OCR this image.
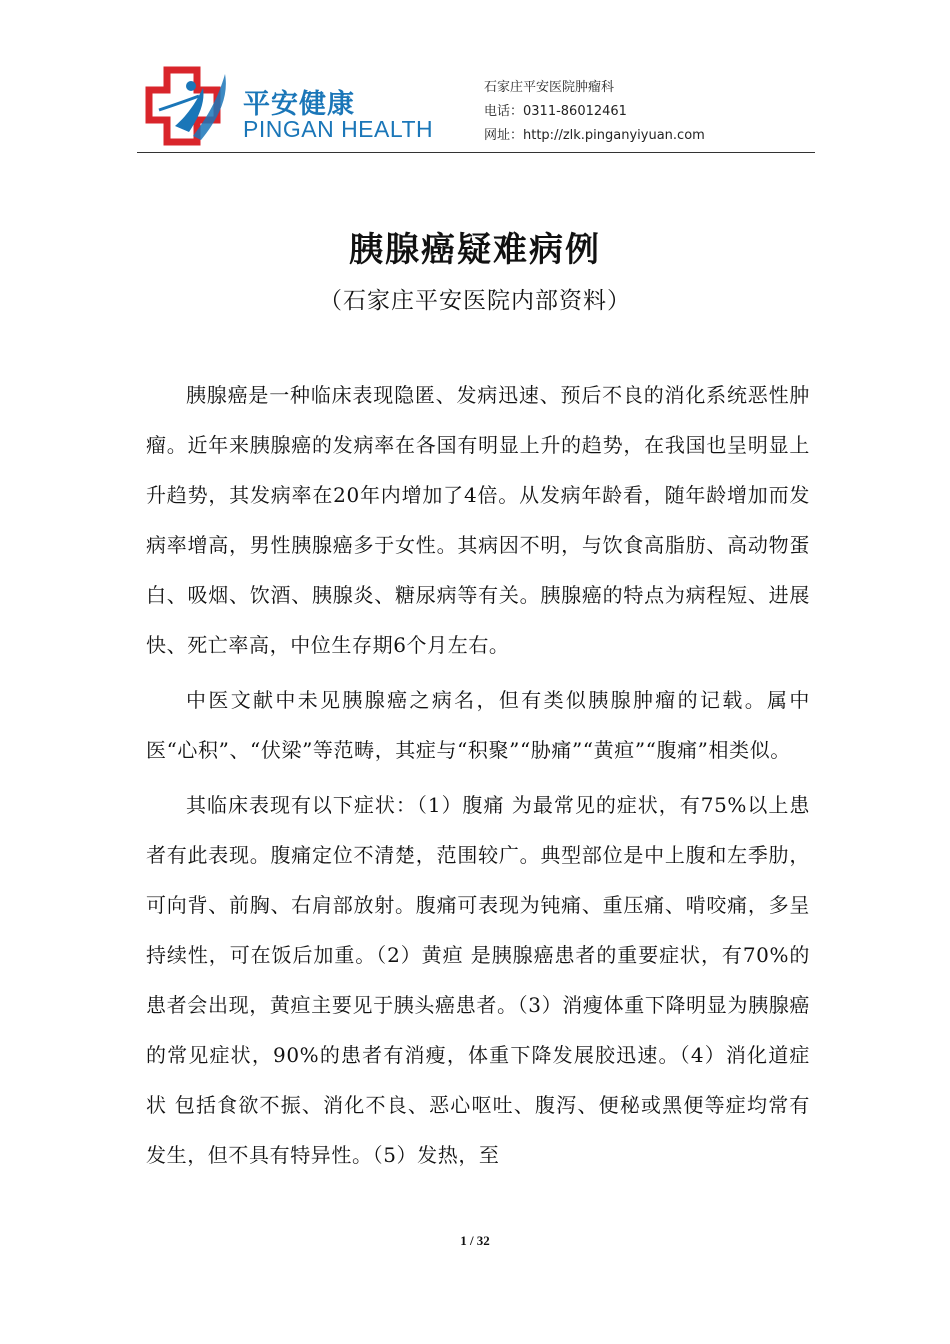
平安健康
PINGAN HEALTH
石家庄平安医院肿瘤科
电话：0311-86012461
网址：http://zlk.pinganyiyuan.com
胰腺癌疑难病例
（石家庄平安医院内部资料）

胰腺癌是一种临床表现隐匿、发病迅速、预后不良的消化系统恶性肿瘤。近年来胰腺癌的发病率在各国有明显上升的趋势，在我国也呈明显上升趋势，其发病率在20年内增加了4倍。从发病年龄看，随年龄增加而发病率增高，男性胰腺癌多于女性。其病因不明，与饮食高脂肪、高动物蛋白、吸烟、饮酒、胰腺炎、糖尿病等有关。胰腺癌的特点为病程短、进展快、死亡率高，中位生存期6个月左右。

中医文献中未见胰腺癌之病名，但有类似胰腺肿瘤的记载。属中医“心积”、“伏梁”等范畴，其症与“积聚”“胁痛”“黄疸”“腹痛”相类似。

其临床表现有以下症状：（1）腹痛 为最常见的症状，有75%以上患者有此表现。腹痛定位不清楚，范围较广。典型部位是中上腹和左季肋，可向背、前胸、右肩部放射。腹痛可表现为钝痛、重压痛、啃咬痛，多呈持续性，可在饭后加重。（2）黄疸 是胰腺癌患者的重要症状，有70%的患者会出现，黄疸主要见于胰头癌患者。（3）消瘦体重下降明显为胰腺癌的常见症状，90%的患者有消瘦，体重下降发展胶迅速。（4）消化道症状 包括食欲不振、消化不良、恶心呕吐、腹泻、便秘或黑便等症均常有发生，但不具有特异性。（5）发热，至

1 / 32
